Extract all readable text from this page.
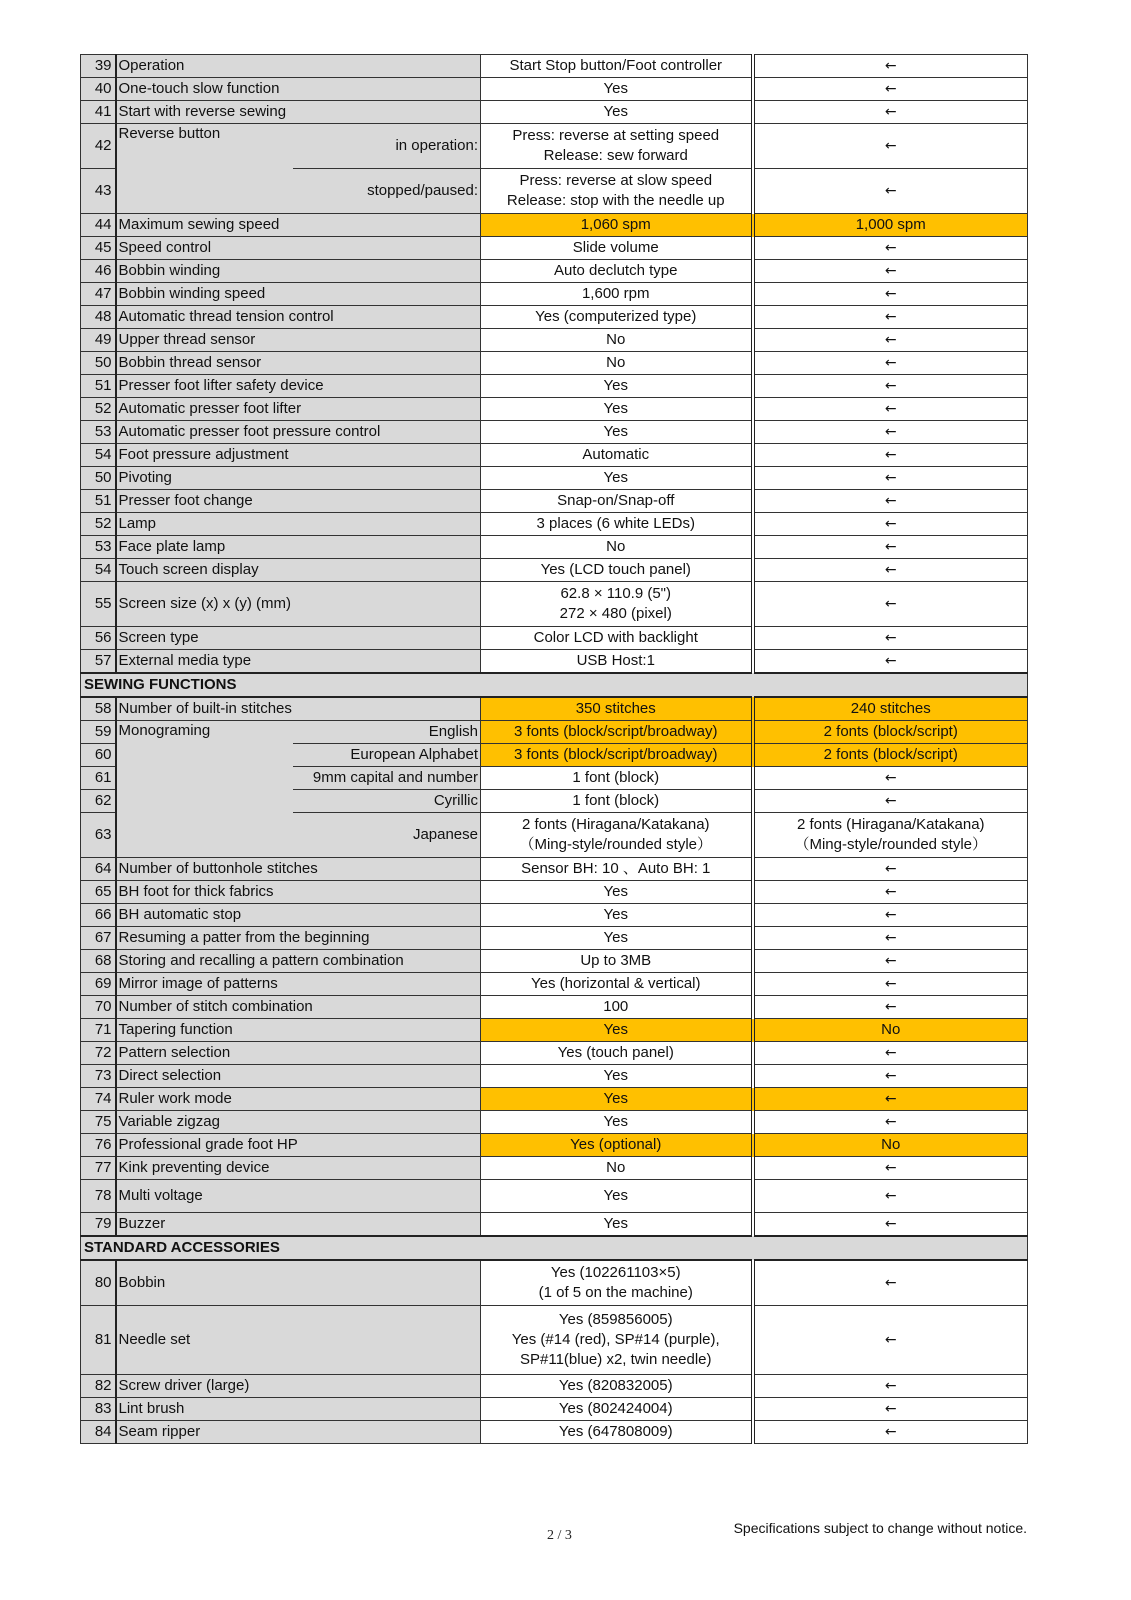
39	Operation		Start Stop button/Foot controller	←
40	One-touch slow function		Yes	←
41	Start with reverse sewing		Yes	←
42	Reverse button	in operation:	Press: reverse at setting speed
Release: sew forward	←
43		stopped/paused:	Press: reverse at slow speed
Release: stop with the needle up	←
44	Maximum sewing speed		1,060 spm	1,000 spm
45	Speed control		Slide volume	←
46	Bobbin winding		Auto declutch type	←
47	Bobbin winding speed		1,600 rpm	←
48	Automatic thread tension control		Yes (computerized type)	←
49	Upper thread sensor		No	←
50	Bobbin thread sensor		No	←
51	Presser foot lifter safety device		Yes	←
52	Automatic presser foot lifter		Yes	←
53	Automatic presser foot pressure control		Yes	←
54	Foot pressure adjustment		Automatic	←
50	Pivoting		Yes	←
51	Presser foot change		Snap-on/Snap-off	←
52	Lamp		3 places (6 white LEDs)	←
53	Face plate lamp		No	←
54	Touch screen display		Yes (LCD touch panel)	←
55	Screen size (x) x (y) (mm)		62.8 × 110.9 (5")
272 × 480 (pixel)	←
56	Screen type		Color LCD with backlight	←
57	External media type		USB Host:1	←
SEWING FUNCTIONS				
58	Number of built-in stitches		350 stitches	240 stitches
59	Monograming	English	3 fonts (block/script/broadway)	2 fonts (block/script)
60		European Alphabet	3 fonts (block/script/broadway)	2 fonts (block/script)
61		9mm capital and number	1 font (block)	←
62		Cyrillic	1 font (block)	←
63		Japanese	2 fonts (Hiragana/Katakana)
（Ming-style/rounded style）	2 fonts (Hiragana/Katakana)
（Ming-style/rounded style）
64	Number of buttonhole stitches		Sensor BH: 10 、Auto BH: 1	←
65	BH foot for thick fabrics		Yes	←
66	BH automatic stop		Yes	←
67	Resuming a patter from the beginning		Yes	←
68	Storing and recalling a pattern combination		Up to 3MB	←
69	Mirror image of patterns		Yes (horizontal & vertical)	←
70	Number of stitch combination		100	←
71	Tapering function		Yes	No
72	Pattern selection		Yes (touch panel)	←
73	Direct selection		Yes	←
74	Ruler work mode		Yes	←
75	Variable zigzag		Yes	←
76	Professional grade foot HP		Yes (optional)	No
77	Kink preventing device		No	←
78	Multi voltage		Yes	←
79	Buzzer		Yes	←
STANDARD ACCESSORIES				
80	Bobbin		Yes (102261103×5)
(1 of 5 on the machine)	←
81	Needle set		Yes (859856005)
Yes (#14 (red), SP#14 (purple),
SP#11(blue) x2, twin needle)	←
82	Screw driver (large)		Yes (820832005)	←
83	Lint brush		Yes (802424004)	←
84	Seam ripper		Yes (647808009)	←
2 / 3	Specifications subject to change without notice.
